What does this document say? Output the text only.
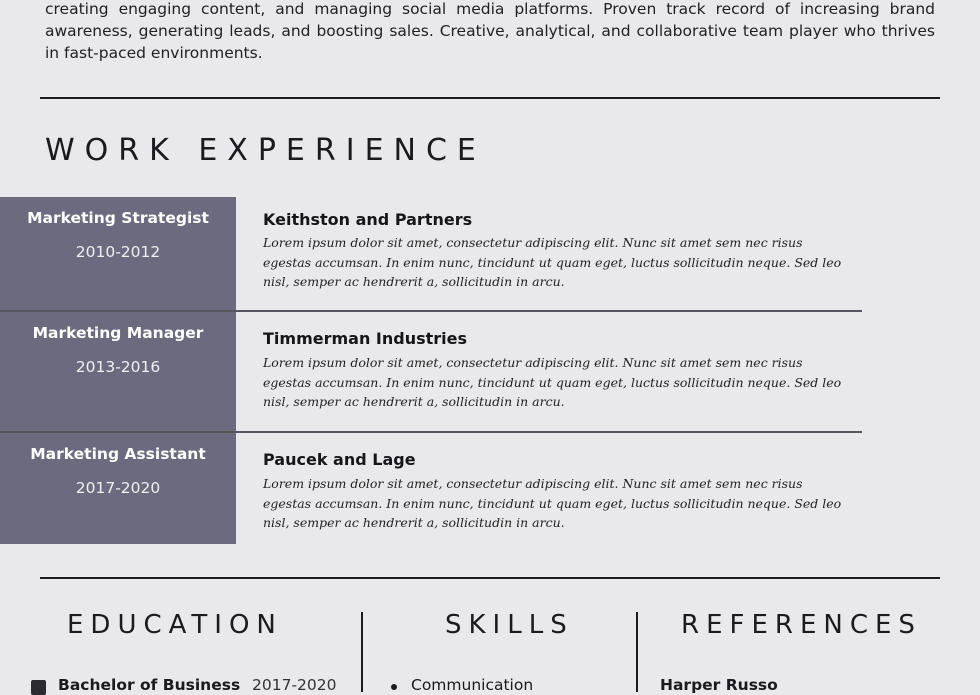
creating engaging content, and managing social media platforms. Proven track record of increasing brand awareness, generating leads, and boosting sales. Creative, analytical, and collaborative team player who thrives in fast-paced environments.

WORK EXPERIENCE
Marketing Strategist
2010-2012
Keithston and Partners

Lorem ipsum dolor sit amet, consectetur adipiscing elit. Nunc sit amet sem nec risus egestas accumsan. In enim nunc, tincidunt ut quam eget, luctus sollicitudin neque. Sed leo nisl, semper ac hendrerit a, sollicitudin in arcu.

Marketing Manager
2013-2016
Timmerman Industries

Lorem ipsum dolor sit amet, consectetur adipiscing elit. Nunc sit amet sem nec risus egestas accumsan. In enim nunc, tincidunt ut quam eget, luctus sollicitudin neque. Sed leo nisl, semper ac hendrerit a, sollicitudin in arcu.

Marketing Assistant
2017-2020
Paucek and Lage

Lorem ipsum dolor sit amet, consectetur adipiscing elit. Nunc sit amet sem nec risus egestas accumsan. In enim nunc, tincidunt ut quam eget, luctus sollicitudin neque. Sed leo nisl, semper ac hendrerit a, sollicitudin in arcu.

EDUCATION	SKILLS	REFERENCES
Bachelor of Business 2017-2020	Communication	Harper Russo
